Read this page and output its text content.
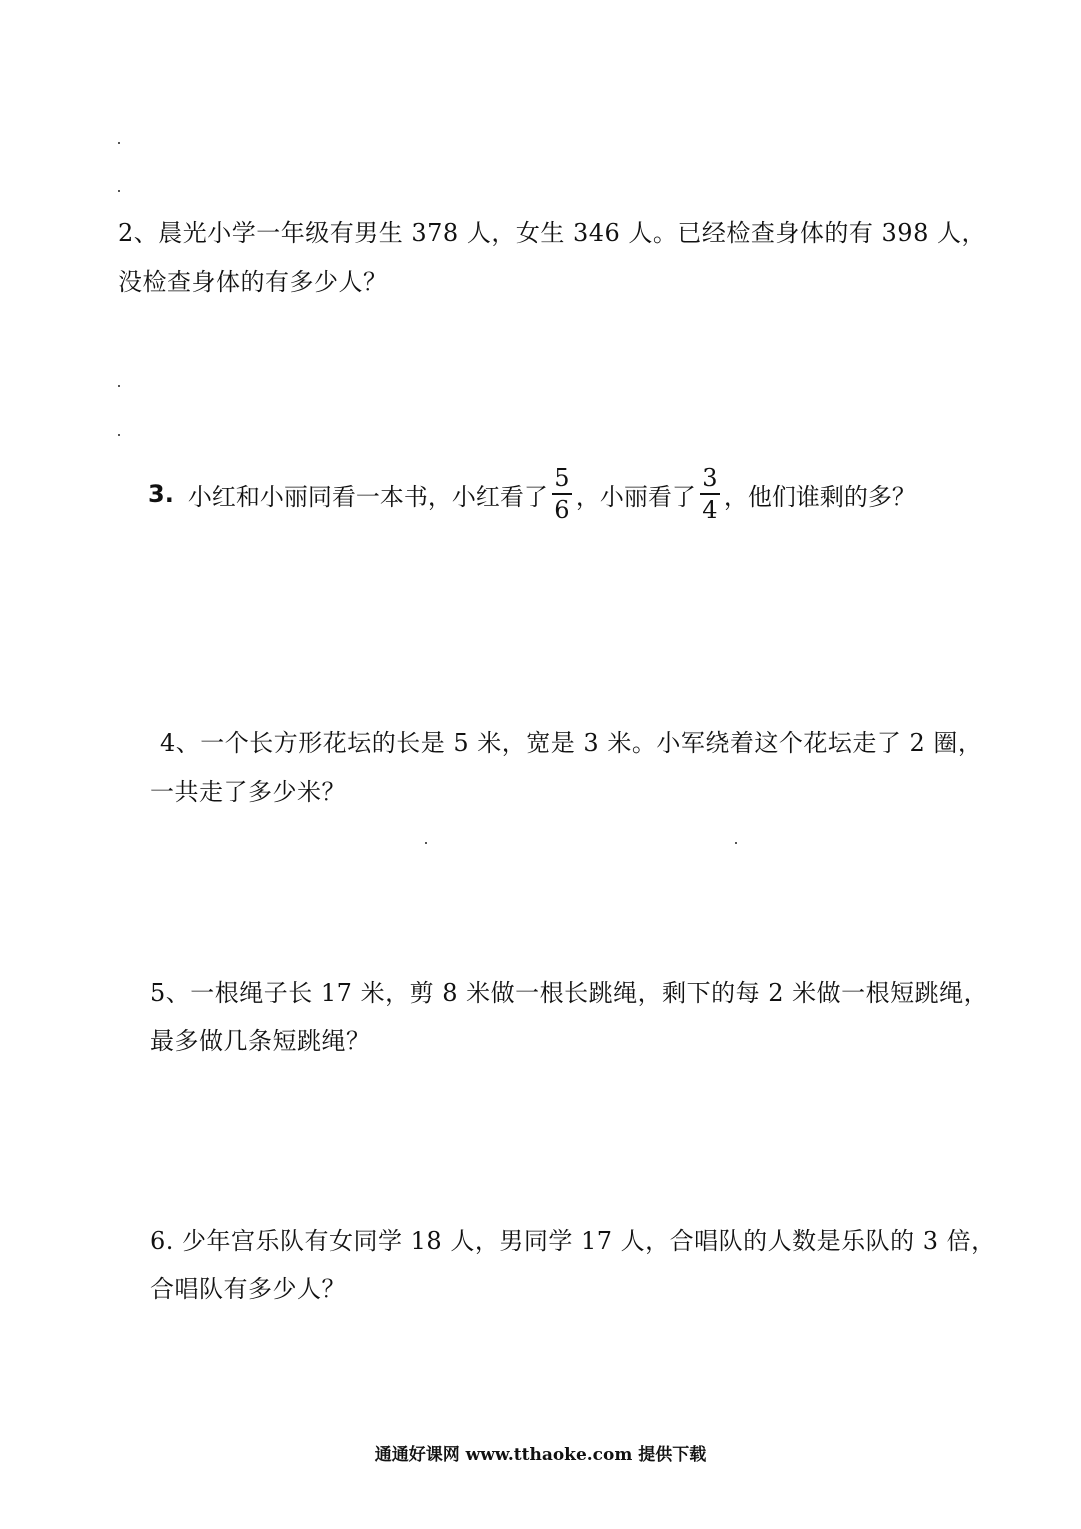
2、晨光小学一年级有男生 378 人，女生 346 人。已经检查身体的有 398 人，
没检查身体的有多少人？
3. 小红和小丽同看一本书，小红看了 $\frac{5}{6}$ ，小丽看了 $\frac{3}{4}$ ，他们谁剩的多？
4、一个长方形花坛的长是 5 米，宽是 3 米。小军绕着这个花坛走了 2 圈，
一共走了多少米？
5、一根绳子长 17 米，剪 8 米做一根长跳绳，剩下的每 2 米做一根短跳绳，
最多做几条短跳绳？
6. 少年宫乐队有女同学 18 人，男同学 17 人，合唱队的人数是乐队的 3 倍，
合唱队有多少人？
通通好课网 www.tthaoke.com 提供下载
